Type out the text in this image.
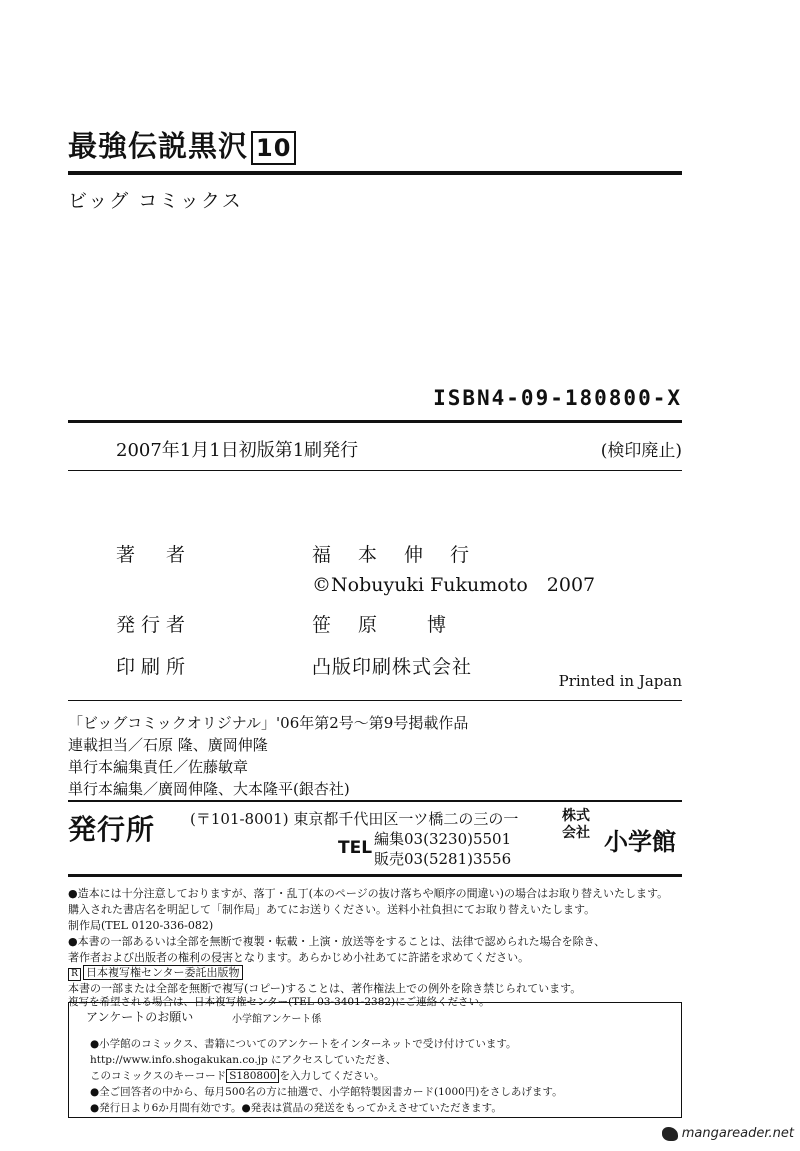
最強伝説黒沢 10
ビッグ コミックス
ISBN4-09-180800-X
2007年1月1日初版第1刷発行	(検印廃止)
著　者	福　本　伸　行
©Nobuyuki Fukumoto　2007
発行者	笹　原　　博
印刷所	凸版印刷株式会社
Printed in Japan
「ビッグコミックオリジナル」'06年第2号～第9号掲載作品
連載担当／石原 隆、廣岡伸隆
単行本編集責任／佐藤敏章
単行本編集／廣岡伸隆、大本隆平(銀杏社)
発行所 (〒101-8001) 東京都千代田区一ツ橋二の三の一
TEL 編集03(3230)5501
販売03(5281)3556
株式会社 小学館
●造本には十分注意しておりますが、落丁・乱丁(本のページの抜け落ちや順序の間違い)の場合はお取り替えいたします。
購入された書店名を明記して「制作局」あてにお送りください。送料小社負担にてお取り替えいたします。
制作局(TEL 0120-336-082)
●本書の一部あるいは全部を無断で複製・転載・上演・放送等をすることは、法律で認められた場合を除き、
著作者および出版者の権利の侵害となります。あらかじめ小社あてに許諾を求めてください。
R 日本複写権センター委託出版物
本書の一部または全部を無断で複写(コピー)することは、著作権法上での例外を除き禁じられています。
複写を希望される場合は、日本複写権センター(TEL 03-3401-2382)にご連絡ください。
アンケートのお願い	小学館アンケート係
●小学館のコミックス、書籍についてのアンケートをインターネットで受け付けています。
http://www.info.shogakukan.co.jp にアクセスしていただき、
このコミックスのキーコード S180800 を入力してください。
●全ご回答者の中から、毎月500名の方に抽選で、小学館特製図書カード(1000円)をさしあげます。
●発行日より6か月間有効です。●発表は賞品の発送をもってかえさせていただきます。
mangareader.net
